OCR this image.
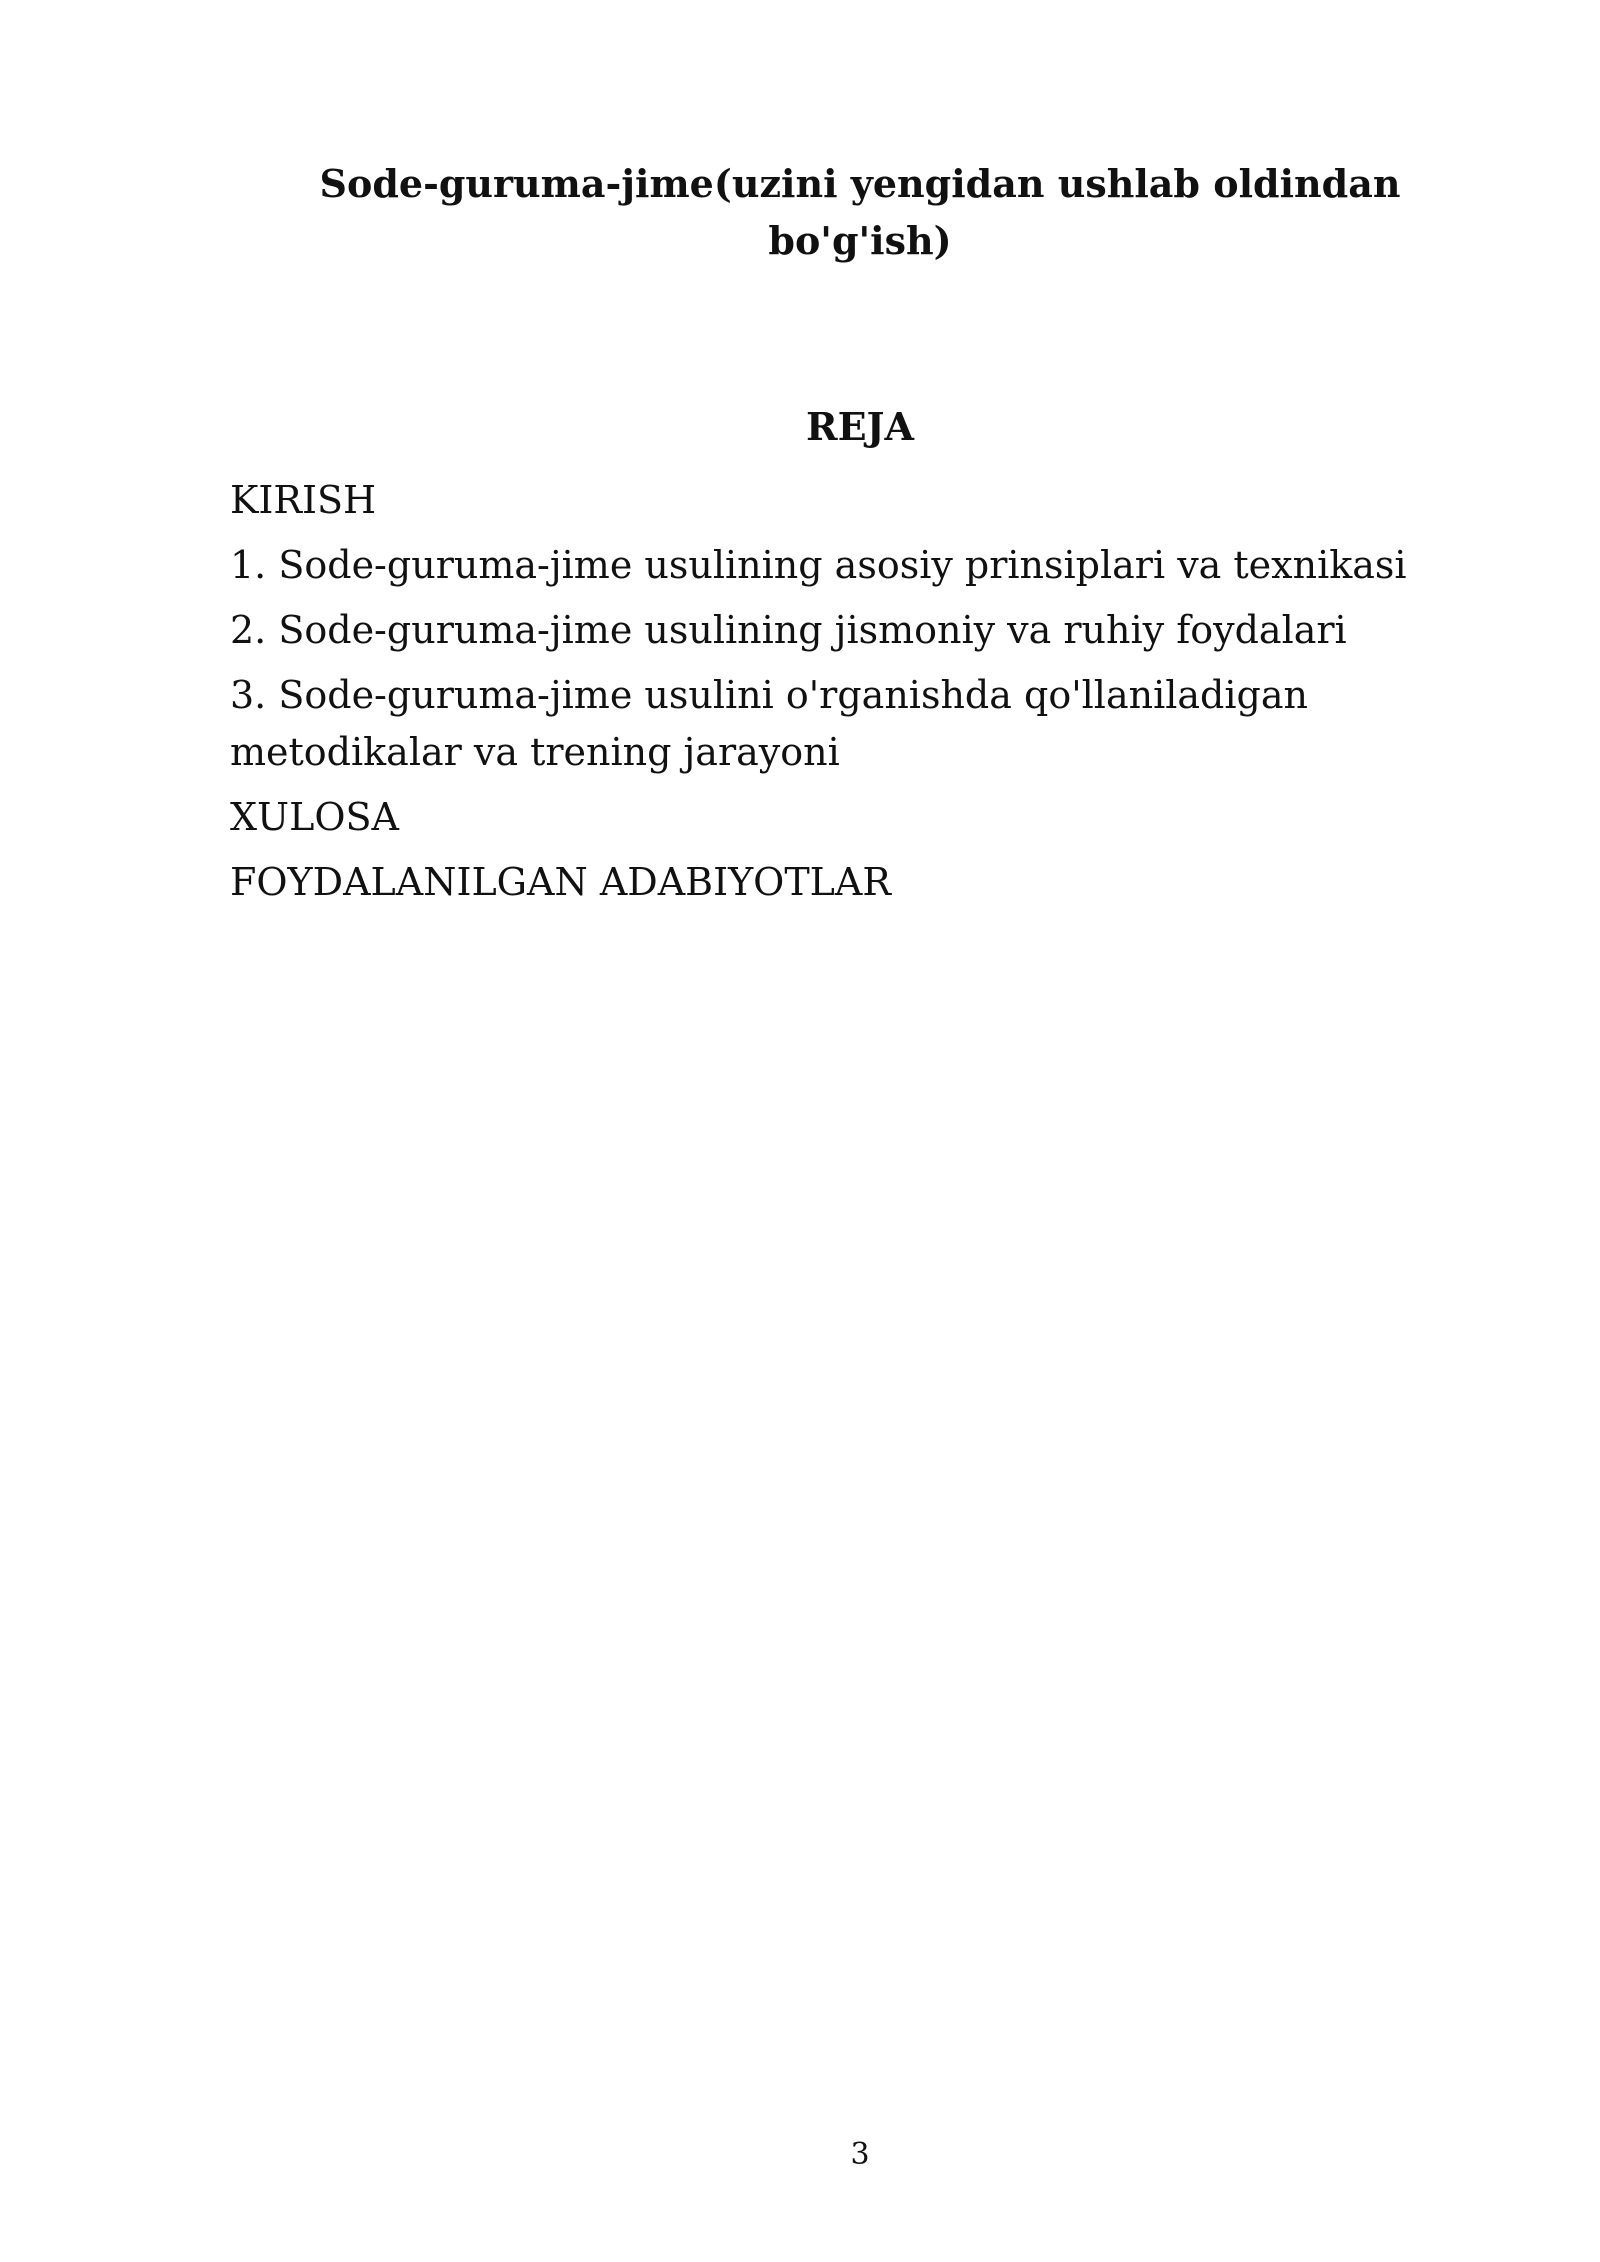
Sode-guruma-jime(uzini yengidan ushlab oldindan bo'g'ish)
REJA
KIRISH
1. Sode-guruma-jime usulining asosiy prinsiplari va texnikasi
2. Sode-guruma-jime usulining jismoniy va ruhiy foydalari
3. Sode-guruma-jime usulini o'rganishda qo'llaniladigan metodikalar va trening jarayoni
XULOSA
FOYDALANILGAN ADABIYOTLAR
3
